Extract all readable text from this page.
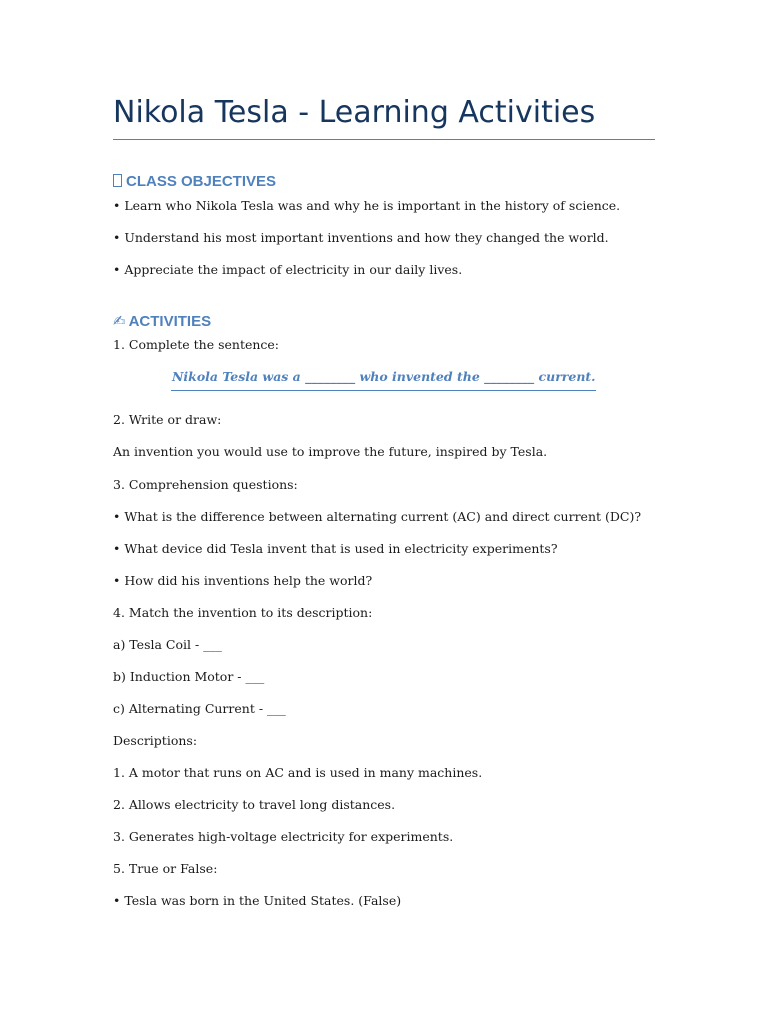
Nikola Tesla - Learning Activities
CLASS OBJECTIVES
• Learn who Nikola Tesla was and why he is important in the history of science.
• Understand his most important inventions and how they changed the world.
• Appreciate the impact of electricity in our daily lives.
✍ ACTIVITIES
1. Complete the sentence:
Nikola Tesla was a ________ who invented the ________ current.
2. Write or draw:
An invention you would use to improve the future, inspired by Tesla.
3. Comprehension questions:
• What is the difference between alternating current (AC) and direct current (DC)?
• What device did Tesla invent that is used in electricity experiments?
• How did his inventions help the world?
4. Match the invention to its description:
a) Tesla Coil - ___
b) Induction Motor - ___
c) Alternating Current - ___
Descriptions:
1. A motor that runs on AC and is used in many machines.
2. Allows electricity to travel long distances.
3. Generates high-voltage electricity for experiments.
5. True or False:
• Tesla was born in the United States. (False)
